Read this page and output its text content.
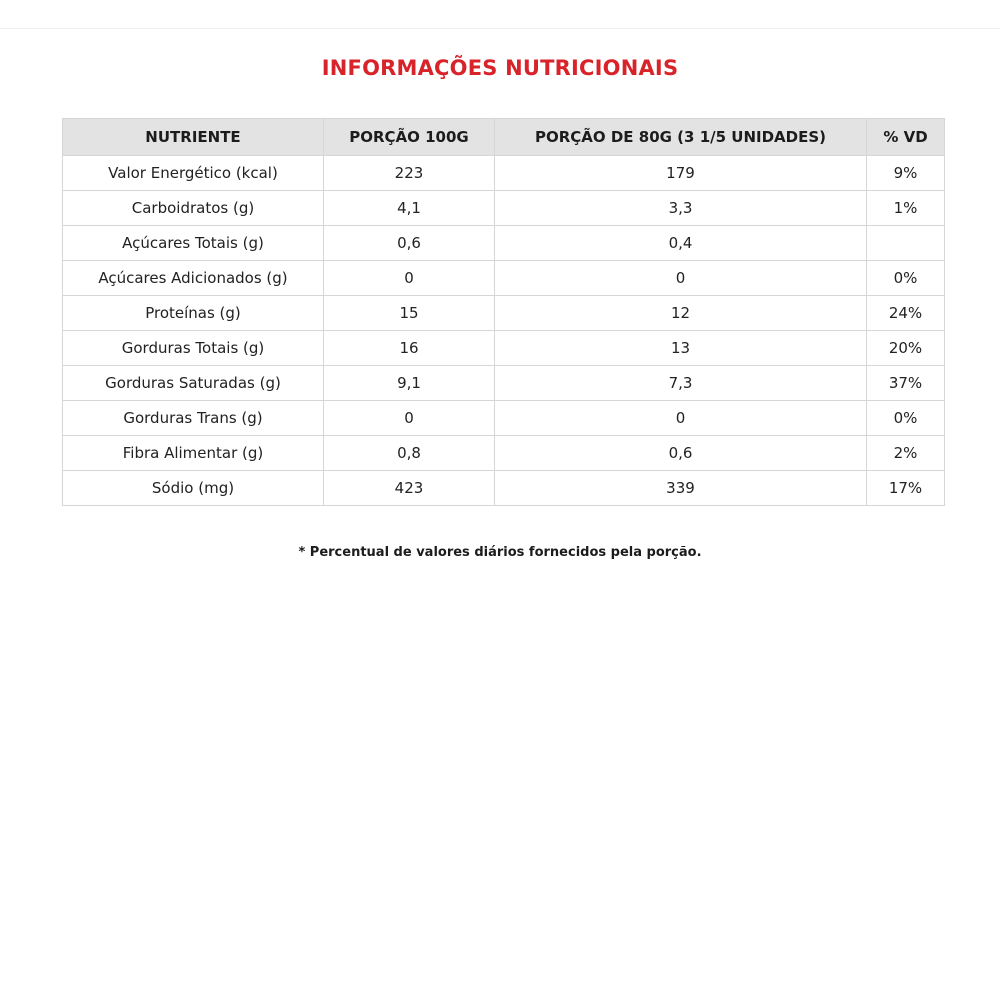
INFORMAÇÕES NUTRICIONAIS
NUTRIENTE	PORÇÃO 100G	PORÇÃO DE 80G (3 1/5 UNIDADES)	% VD
Valor Energético (kcal)	223	179	9%
Carboidratos (g)	4,1	3,3	1%
Açúcares Totais (g)	0,6	0,4	
Açúcares Adicionados (g)	0	0	0%
Proteínas (g)	15	12	24%
Gorduras Totais (g)	16	13	20%
Gorduras Saturadas (g)	9,1	7,3	37%
Gorduras Trans (g)	0	0	0%
Fibra Alimentar (g)	0,8	0,6	2%
Sódio (mg)	423	339	17%
* Percentual de valores diários fornecidos pela porção.
